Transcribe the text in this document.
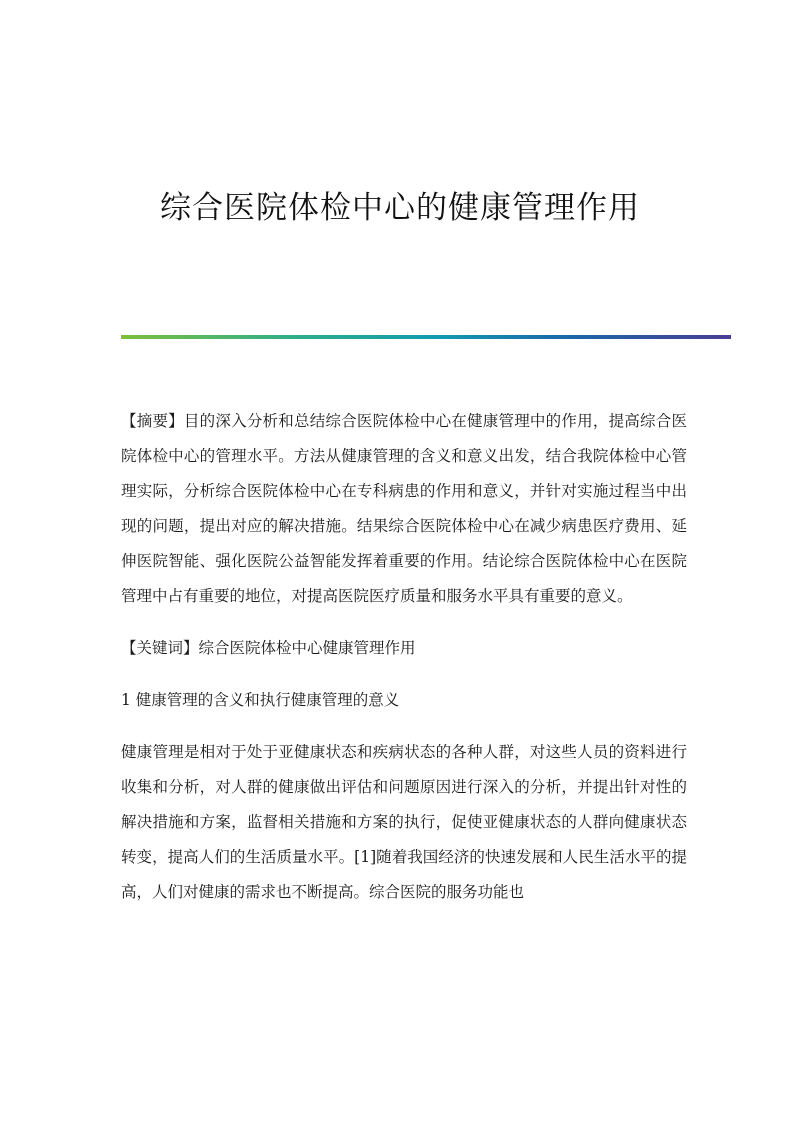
综合医院体检中心的健康管理作用

【摘要】目的深入分析和总结综合医院体检中心在健康管理中的作用，提高综合医院体检中心的管理水平。方法从健康管理的含义和意义出发，结合我院体检中心管理实际，分析综合医院体检中心在专科病患的作用和意义，并针对实施过程当中出现的问题，提出对应的解决措施。结果综合医院体检中心在减少病患医疗费用、延伸医院智能、强化医院公益智能发挥着重要的作用。结论综合医院体检中心在医院管理中占有重要的地位，对提高医院医疗质量和服务水平具有重要的意义。

【关键词】综合医院体检中心健康管理作用

1 健康管理的含义和执行健康管理的意义

健康管理是相对于处于亚健康状态和疾病状态的各种人群，对这些人员的资料进行收集和分析，对人群的健康做出评估和问题原因进行深入的分析，并提出针对性的解决措施和方案，监督相关措施和方案的执行，促使亚健康状态的人群向健康状态转变，提高人们的生活质量水平。[1]随着我国经济的快速发展和人民生活水平的提高，人们对健康的需求也不断提高。综合医院的服务功能也
